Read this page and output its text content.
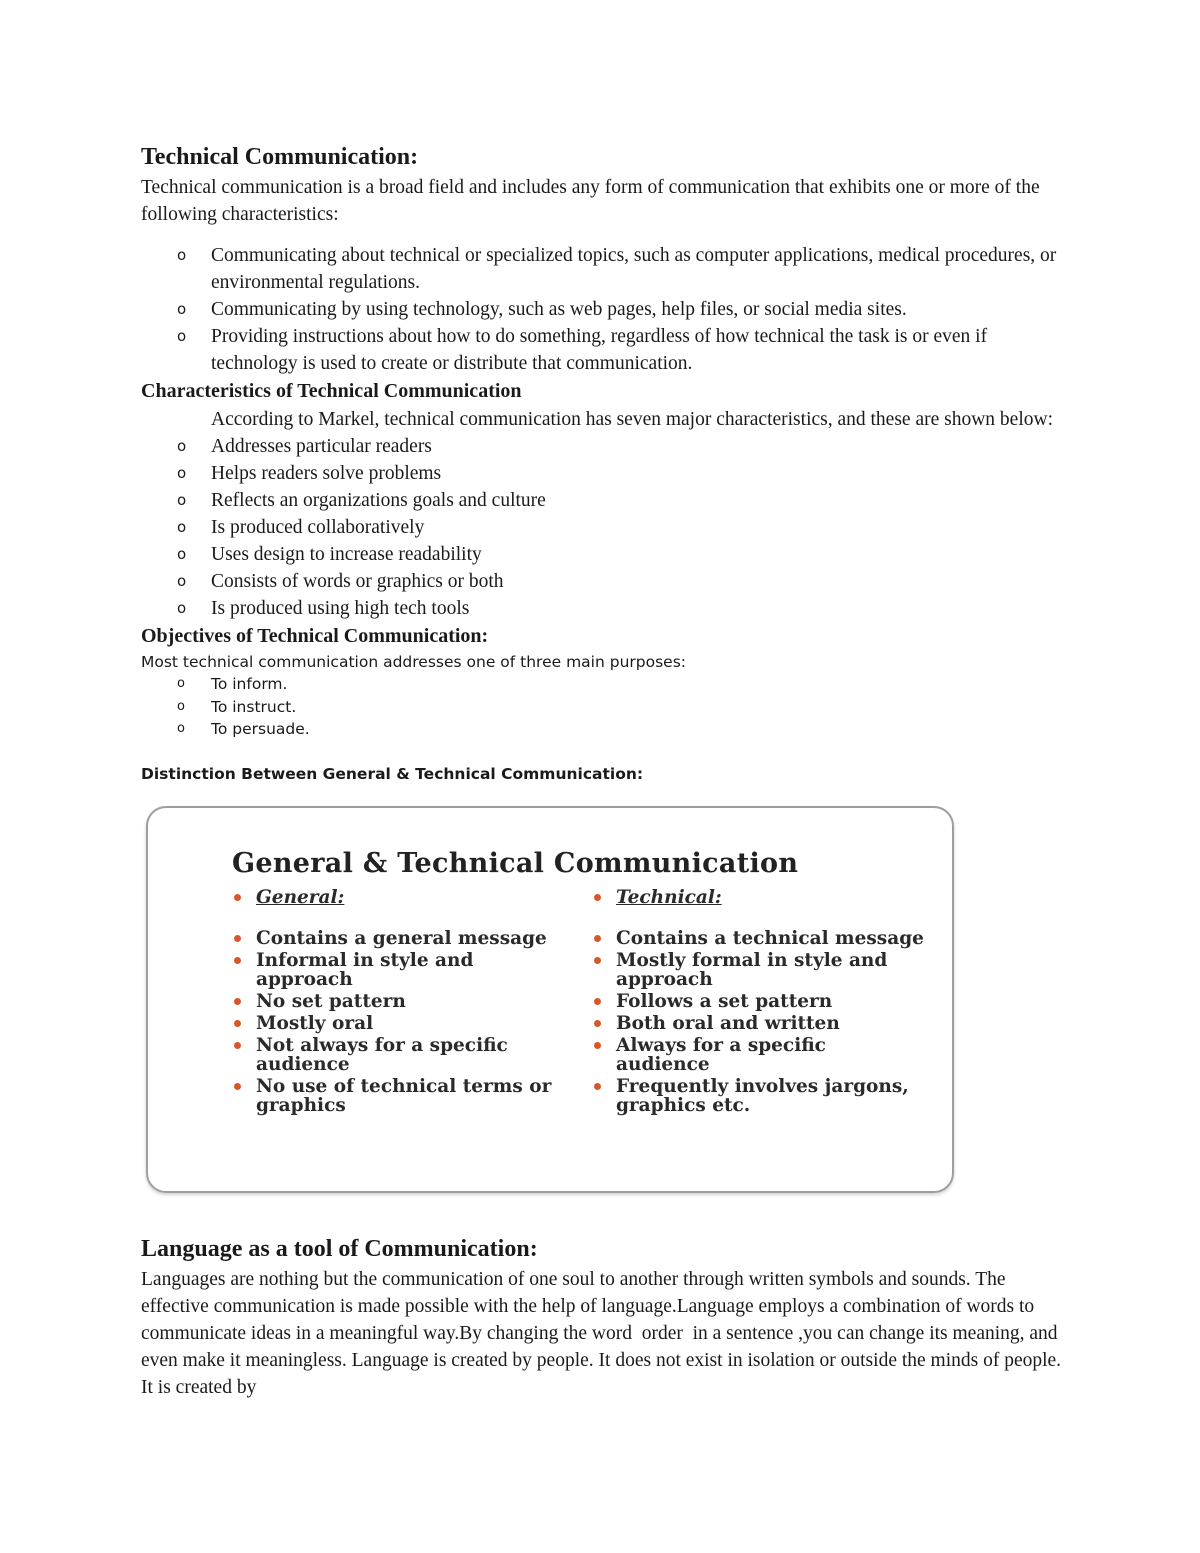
Technical Communication:

Technical communication is a broad field and includes any form of communication that exhibits one or more of the following characteristics:

o Communicating about technical or specialized topics, such as computer applications, medical procedures, or environmental regulations.
o Communicating by using technology, such as web pages, help files, or social media sites.
o Providing instructions about how to do something, regardless of how technical the task is or even if technology is used to create or distribute that communication.
Characteristics of Technical Communication
According to Markel, technical communication has seven major characteristics, and these are shown below:
o Addresses particular readers
o Helps readers solve problems
o Reflects an organizations goals and culture
o Is produced collaboratively
o Uses design to increase readability
o Consists of words or graphics or both
o Is produced using high tech tools
Objectives of Technical Communication:

Most technical communication addresses one of three main purposes:

o To inform.
o To instruct.
o To persuade.
Distinction Between General & Technical Communication:
General & Technical Communication
General:
Contains a general message
Informal in style and approach
No set pattern
Mostly oral
Not always for a specific audience
No use of technical terms or graphics
Technical:
Contains a technical message
Mostly formal in style and approach
Follows a set pattern
Both oral and written
Always for a specific audience
Frequently involves jargons, graphics etc.
Language as a tool of Communication:

Languages are nothing but the communication of one soul to another through written symbols and sounds. The effective communication is made possible with the help of language.Language employs a combination of words to communicate ideas in a meaningful way.By changing the word  order  in a sentence ,you can change its meaning, and even make it meaningless. Language is created by people. It does not exist in isolation or outside the minds of people. It is created by
